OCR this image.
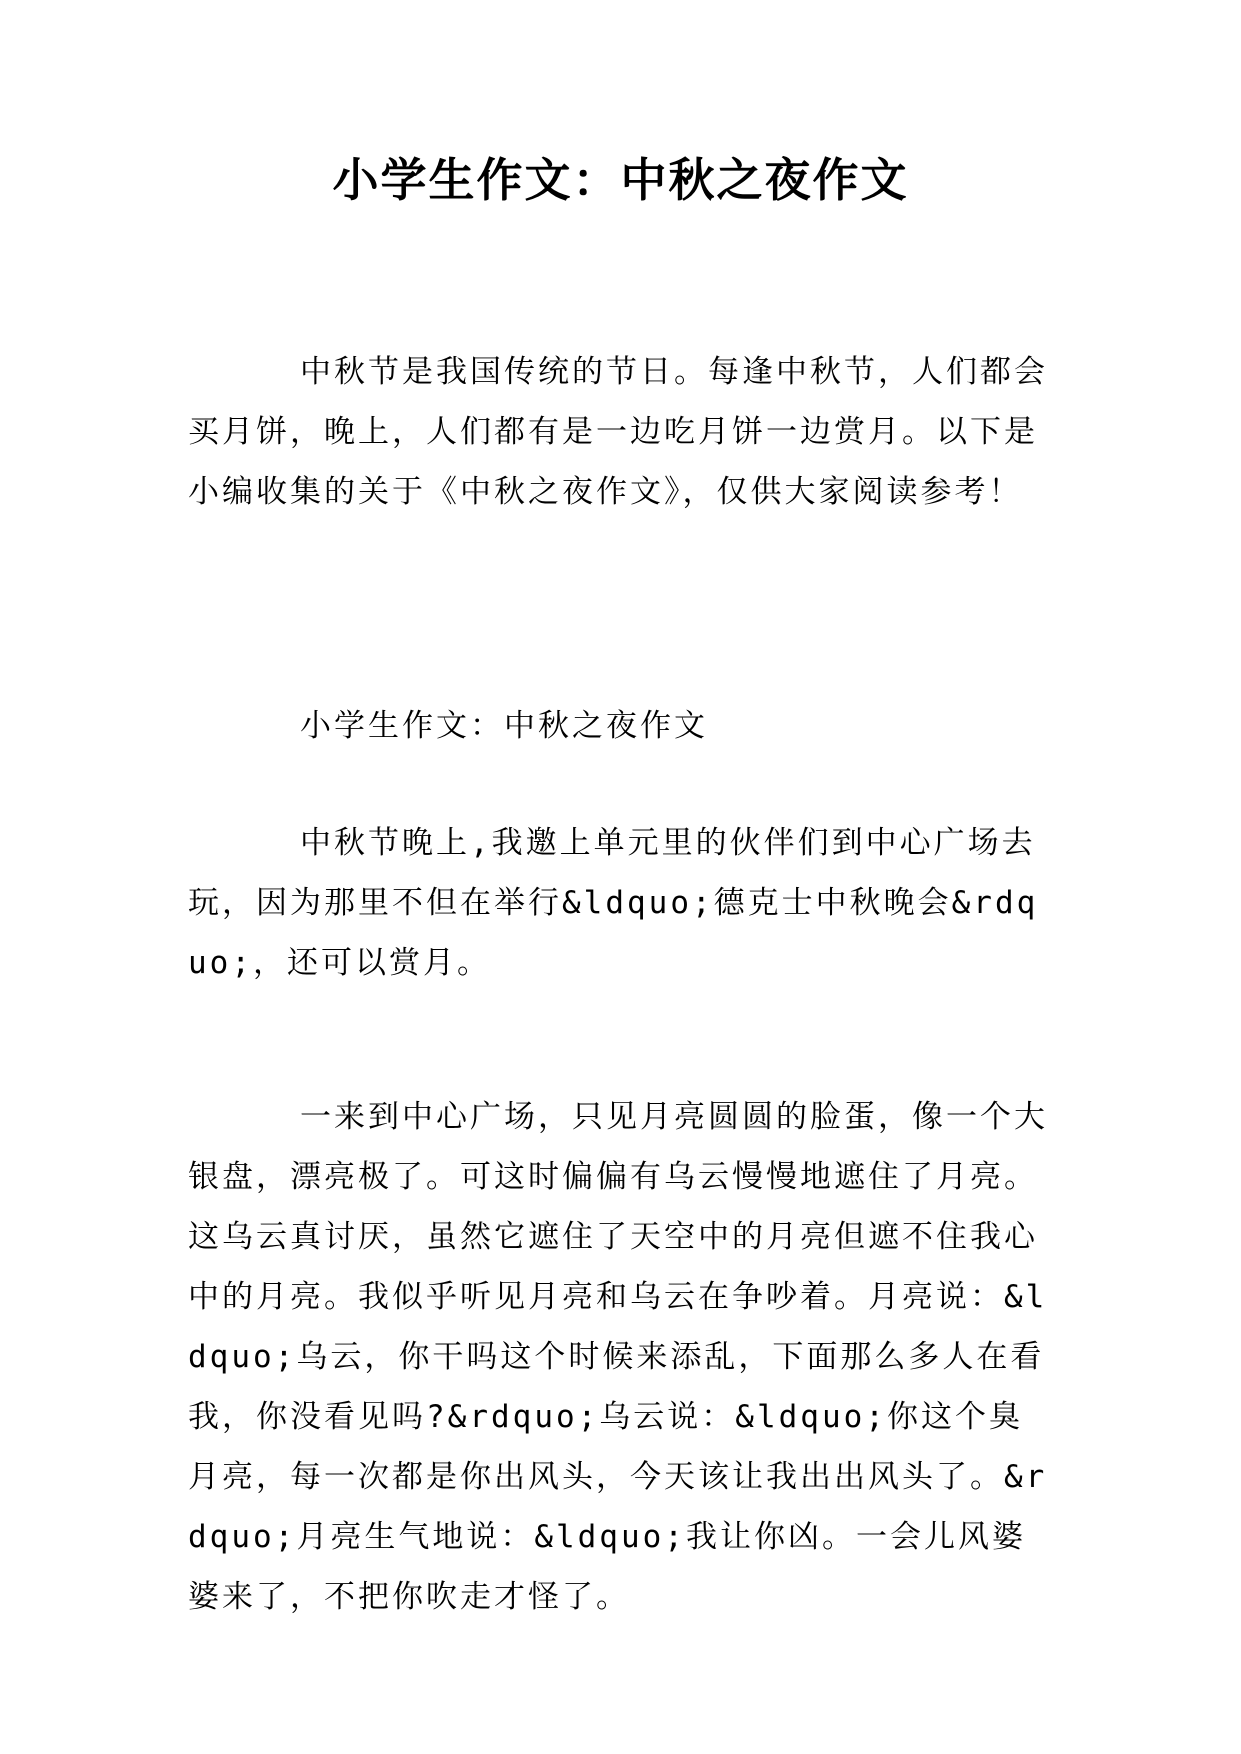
小学生作文：中秋之夜作文

中秋节是我国传统的节日。每逢中秋节，人们都会买月饼，晚上，人们都有是一边吃月饼一边赏月。以下是小编收集的关于《中秋之夜作文》，仅供大家阅读参考！

小学生作文：中秋之夜作文

中秋节晚上,我邀上单元里的伙伴们到中心广场去玩，因为那里不但在举行&ldquo;德克士中秋晚会&rdquo;，还可以赏月。

一来到中心广场，只见月亮圆圆的脸蛋，像一个大银盘，漂亮极了。可这时偏偏有乌云慢慢地遮住了月亮。这乌云真讨厌，虽然它遮住了天空中的月亮但遮不住我心中的月亮。我似乎听见月亮和乌云在争吵着。月亮说：&ldquo;乌云，你干吗这个时候来添乱，下面那么多人在看我，你没看见吗?&rdquo;乌云说：&ldquo;你这个臭月亮，每一次都是你出风头，今天该让我出出风头了。&rdquo;月亮生气地说：&ldquo;我让你凶。一会儿风婆婆来了，不把你吹走才怪了。
